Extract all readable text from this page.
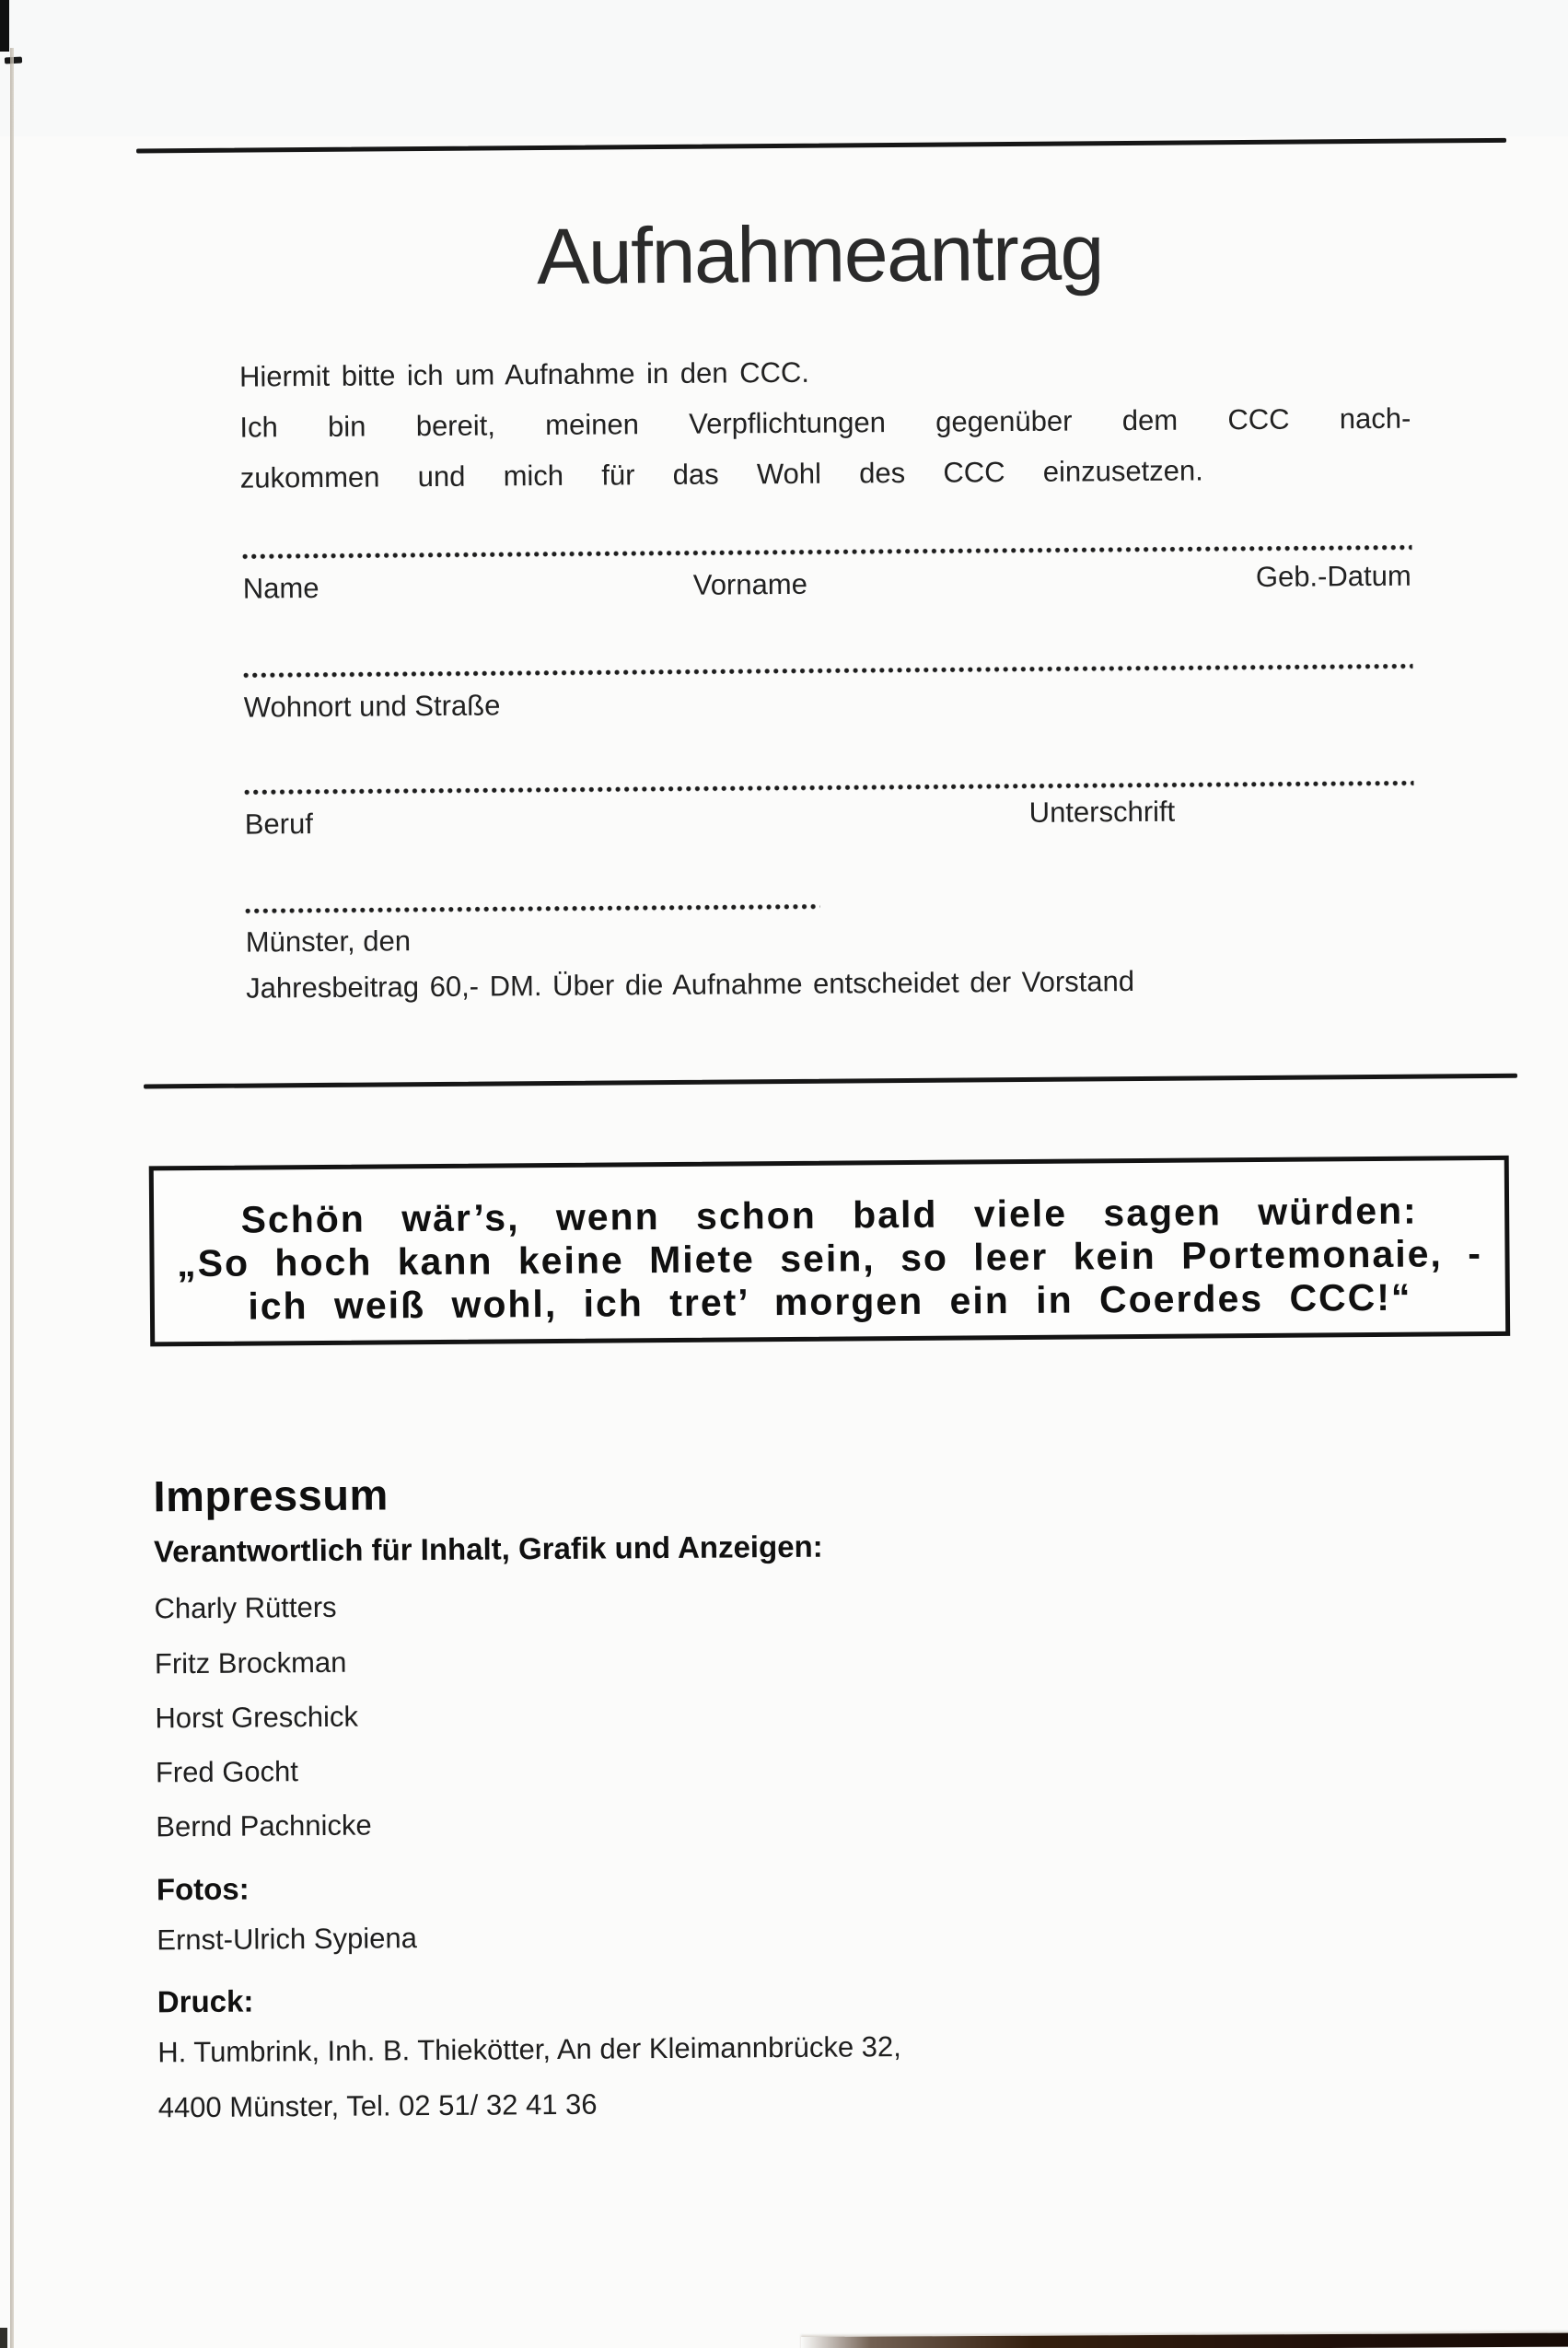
Aufnahmeantrag
Hiermit bitte ich um Aufnahme in den CCC.
Ich bin bereit, meinen Verpflichtungen gegenüber dem CCC nach-
zukommen und mich für das Wohl des CCC einzusetzen.
Name	Vorname	Geb.-Datum
Wohnort und Straße
Beruf	Unterschrift
Münster, den
Jahresbeitrag 60,- DM. Über die Aufnahme entscheidet der Vorstand
Schön wär’s, wenn schon bald viele sagen würden:
„So hoch kann keine Miete sein, so leer kein Portemonaie, -
ich weiß wohl, ich tret’ morgen ein in Coerdes CCC!“
Impressum
Verantwortlich für Inhalt, Grafik und Anzeigen:
Charly Rütters
Fritz Brockman
Horst Greschick
Fred Gocht
Bernd Pachnicke
Fotos:
Ernst-Ulrich Sypiena
Druck:
H. Tumbrink, Inh. B. Thiekötter, An der Kleimannbrücke 32,
4400 Münster, Tel. 02 51/ 32 41 36
